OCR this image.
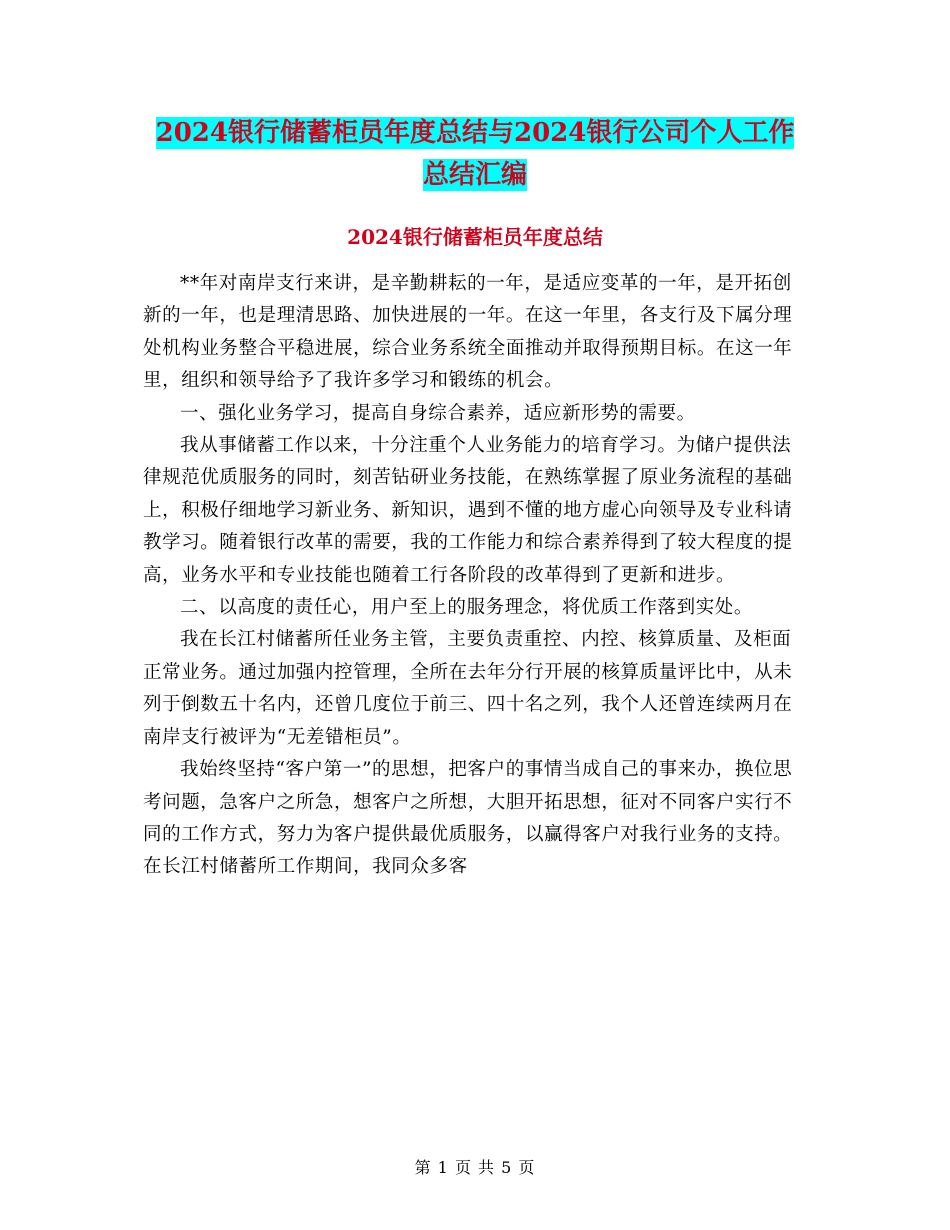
2024银行储蓄柜员年度总结与2024银行公司个人工作
总结汇编
2024银行储蓄柜员年度总结

**年对南岸支行来讲，是辛勤耕耘的一年，是适应变革的一年，是开拓创新的一年，也是理清思路、加快进展的一年。在这一年里，各支行及下属分理处机构业务整合平稳进展，综合业务系统全面推动并取得预期目标。在这一年里，组织和领导给予了我许多学习和锻练的机会。

一、强化业务学习，提高自身综合素养，适应新形势的需要。

我从事储蓄工作以来，十分注重个人业务能力的培育学习。为储户提供法律规范优质服务的同时，刻苦钻研业务技能，在熟练掌握了原业务流程的基础上，积极仔细地学习新业务、新知识，遇到不懂的地方虚心向领导及专业科请教学习。随着银行改革的需要，我的工作能力和综合素养得到了较大程度的提高，业务水平和专业技能也随着工行各阶段的改革得到了更新和进步。

二、以高度的责任心，用户至上的服务理念，将优质工作落到实处。

我在长江村储蓄所任业务主管，主要负责重控、内控、核算质量、及柜面正常业务。通过加强内控管理，全所在去年分行开展的核算质量评比中，从未列于倒数五十名内，还曾几度位于前三、四十名之列，我个人还曾连续两月在南岸支行被评为“无差错柜员”。

我始终坚持“客户第一”的思想，把客户的事情当成自己的事来办，换位思考问题，急客户之所急，想客户之所想，大胆开拓思想，征对不同客户实行不同的工作方式，努力为客户提供最优质服务，以赢得客户对我行业务的支持。在长江村储蓄所工作期间，我同众多客

第 1 页 共 5 页
